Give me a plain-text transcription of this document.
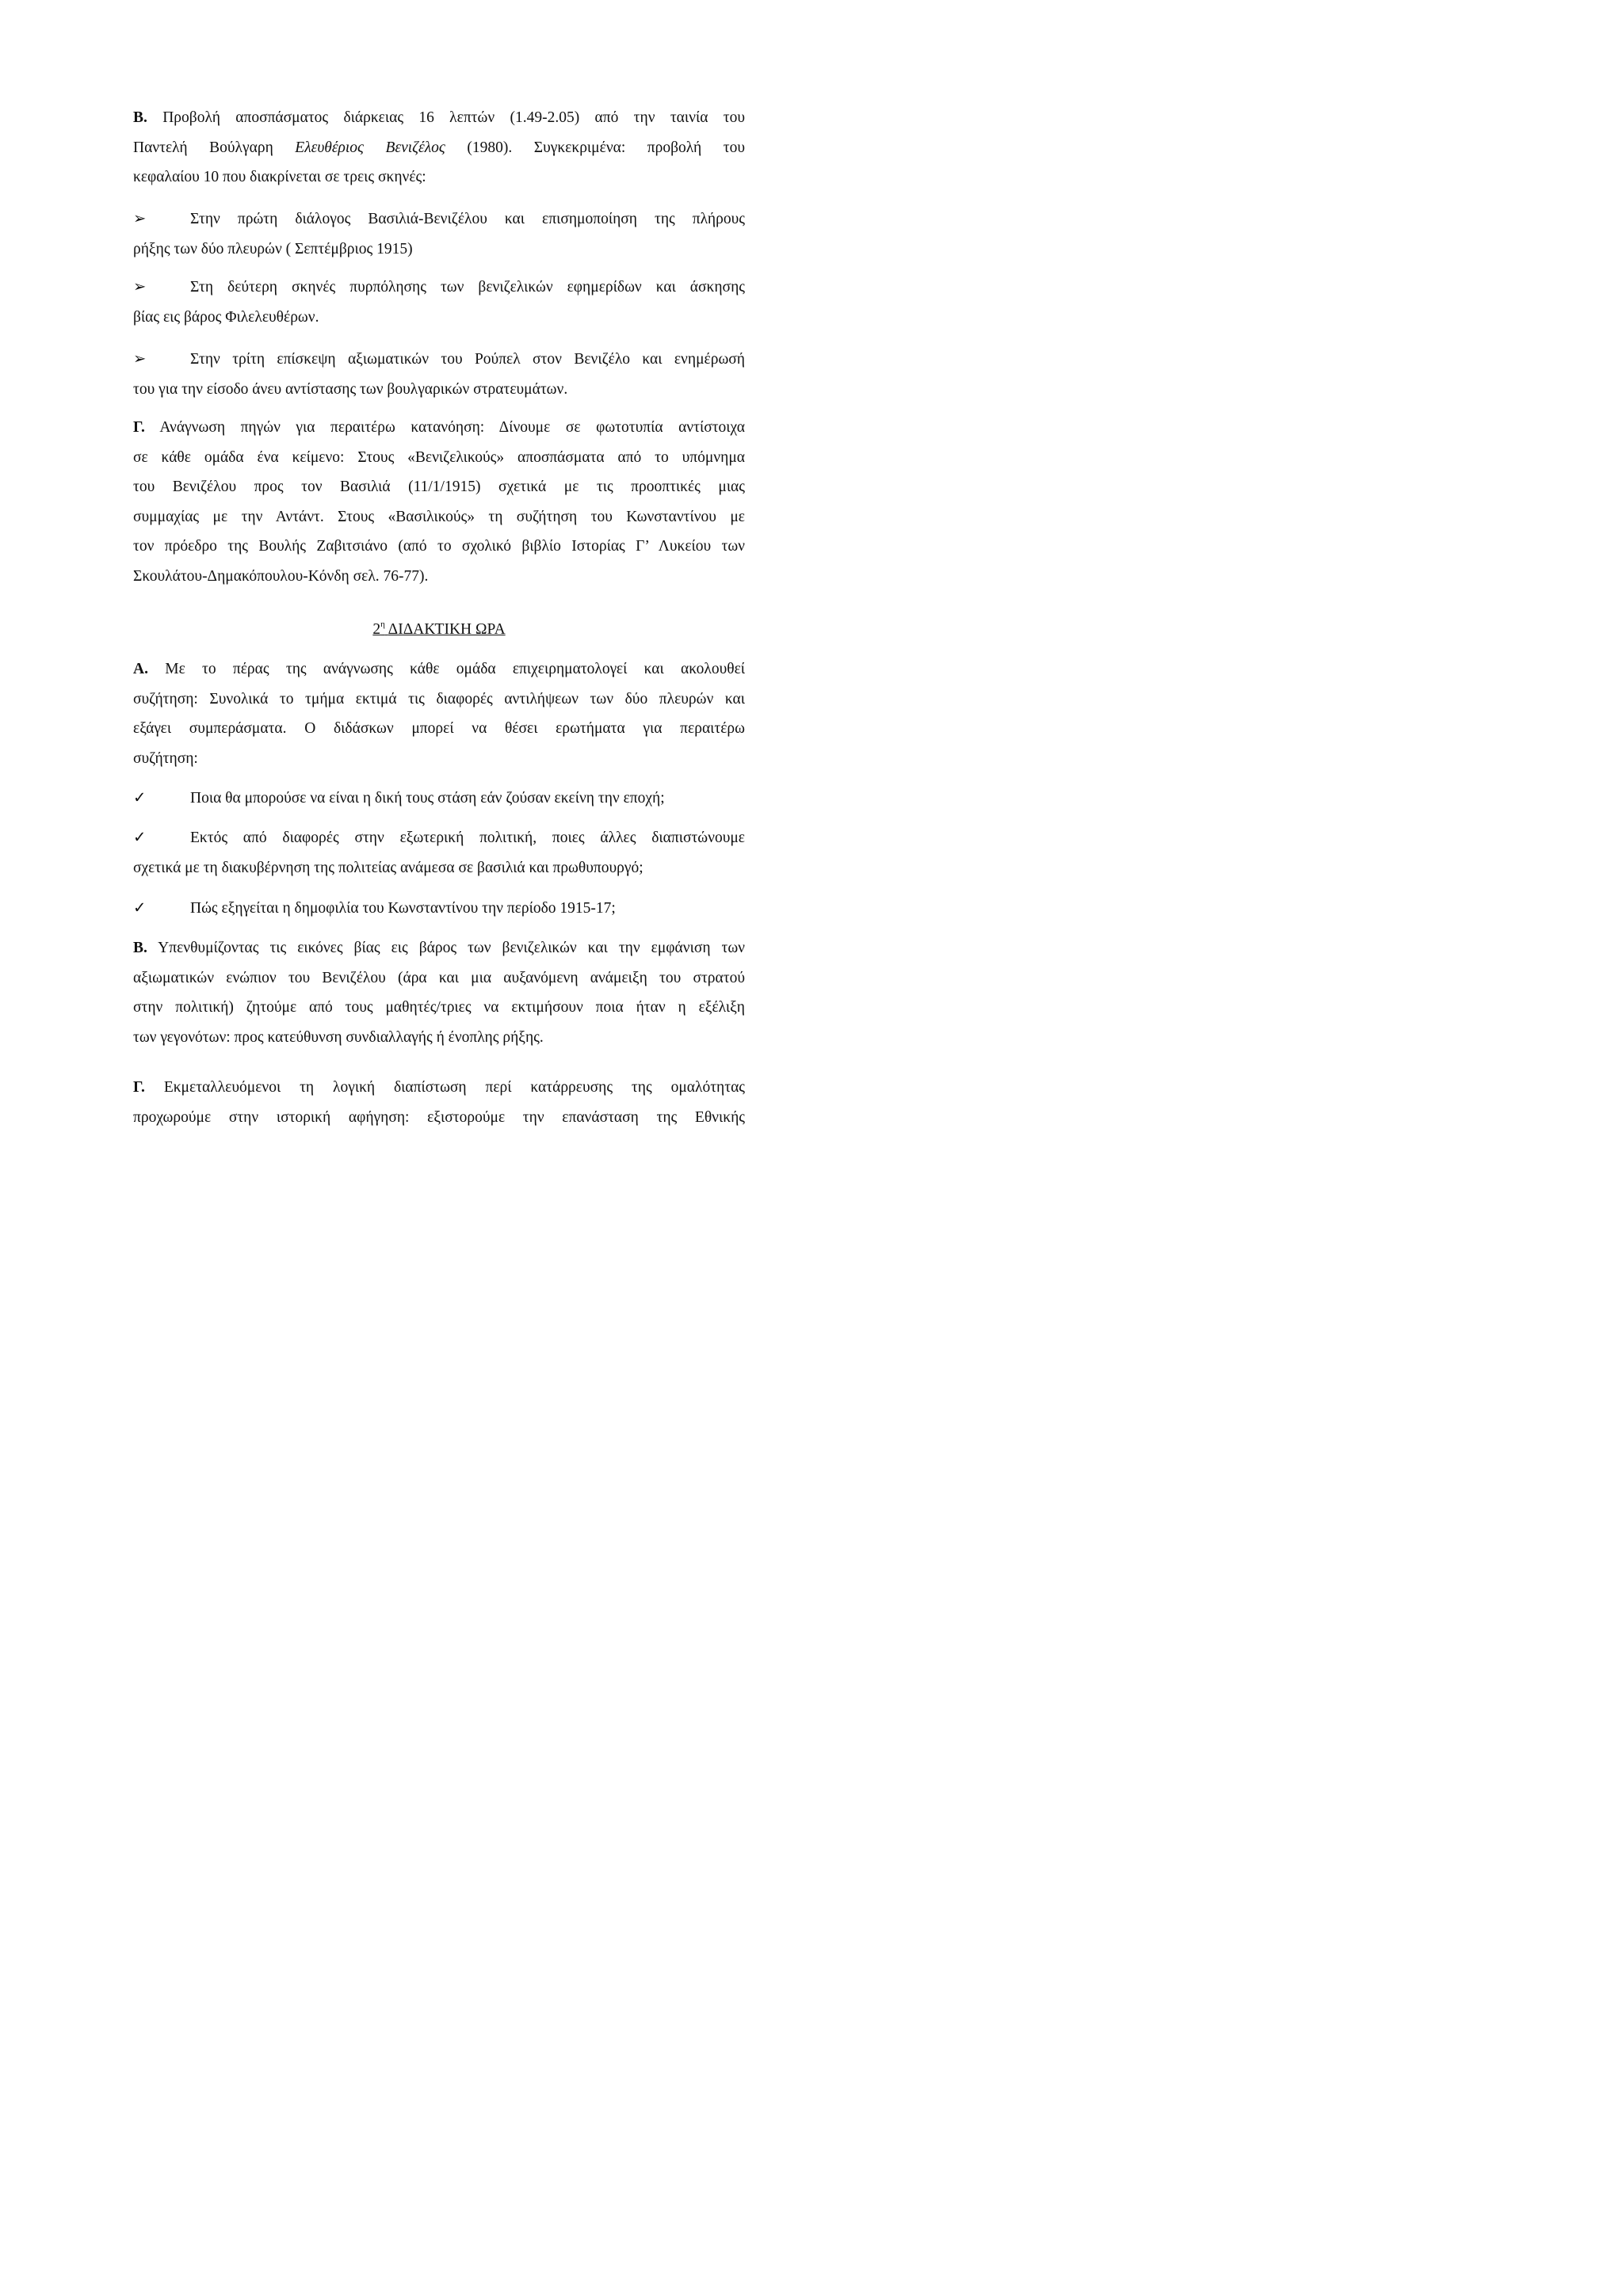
Β. Προβολή αποσπάσματος διάρκειας 16 λεπτών (1.49-2.05) από την ταινία του
Παντελή Βούλγαρη Ελευθέριος Βενιζέλος (1980). Συγκεκριμένα: προβολή του
κεφαλαίου 10 που διακρίνεται σε τρεις σκηνές:
➢	Στην πρώτη διάλογος Βασιλιά-Βενιζέλου και επισημοποίηση της πλήρους
ρήξης των δύο πλευρών ( Σεπτέμβριος 1915)
➢	Στη δεύτερη σκηνές πυρπόλησης των βενιζελικών εφημερίδων και άσκησης
βίας εις βάρος Φιλελευθέρων.
➢	Στην τρίτη επίσκεψη αξιωματικών του Ρούπελ στον Βενιζέλο και ενημέρωσή
του για την είσοδο άνευ αντίστασης των βουλγαρικών στρατευμάτων.
Γ. Ανάγνωση πηγών για περαιτέρω κατανόηση: Δίνουμε σε φωτοτυπία αντίστοιχα
σε κάθε ομάδα ένα κείμενο: Στους «Βενιζελικούς» αποσπάσματα από το υπόμνημα
του Βενιζέλου προς τον Βασιλιά (11/1/1915) σχετικά με τις προοπτικές μιας
συμμαχίας με την Αντάντ. Στους «Βασιλικούς» τη συζήτηση του Κωνσταντίνου με
τον πρόεδρο της Βουλής Ζαβιτσιάνο (από το σχολικό βιβλίο Ιστορίας Γ’ Λυκείου των
Σκουλάτου-Δημακόπουλου-Κόνδη σελ. 76-77).
$2^\eta$ ΔΙΔΑΚΤΙΚΗ ΩΡΑ
Α. Με το πέρας της ανάγνωσης κάθε ομάδα επιχειρηματολογεί και ακολουθεί
συζήτηση: Συνολικά το τμήμα εκτιμά τις διαφορές αντιλήψεων των δύο πλευρών και
εξάγει συμπεράσματα. Ο διδάσκων μπορεί να θέσει ερωτήματα για περαιτέρω
συζήτηση:
✓	Ποια θα μπορούσε να είναι η δική τους στάση εάν ζούσαν εκείνη την εποχή;
✓	Εκτός από διαφορές στην εξωτερική πολιτική, ποιες άλλες διαπιστώνουμε
σχετικά με τη διακυβέρνηση της πολιτείας ανάμεσα σε βασιλιά και πρωθυπουργό;
✓	Πώς εξηγείται η δημοφιλία του Κωνσταντίνου την περίοδο 1915-17;
Β. Υπενθυμίζοντας τις εικόνες βίας εις βάρος των βενιζελικών και την εμφάνιση των
αξιωματικών ενώπιον του Βενιζέλου (άρα και μια αυξανόμενη ανάμειξη του στρατού
στην πολιτική) ζητούμε από τους μαθητές/τριες να εκτιμήσουν ποια ήταν η εξέλιξη
των γεγονότων: προς κατεύθυνση συνδιαλλαγής ή ένοπλης ρήξης.
Γ. Εκμεταλλευόμενοι τη λογική διαπίστωση περί κατάρρευσης της ομαλότητας
προχωρούμε στην ιστορική αφήγηση: εξιστορούμε την επανάσταση της Εθνικής
